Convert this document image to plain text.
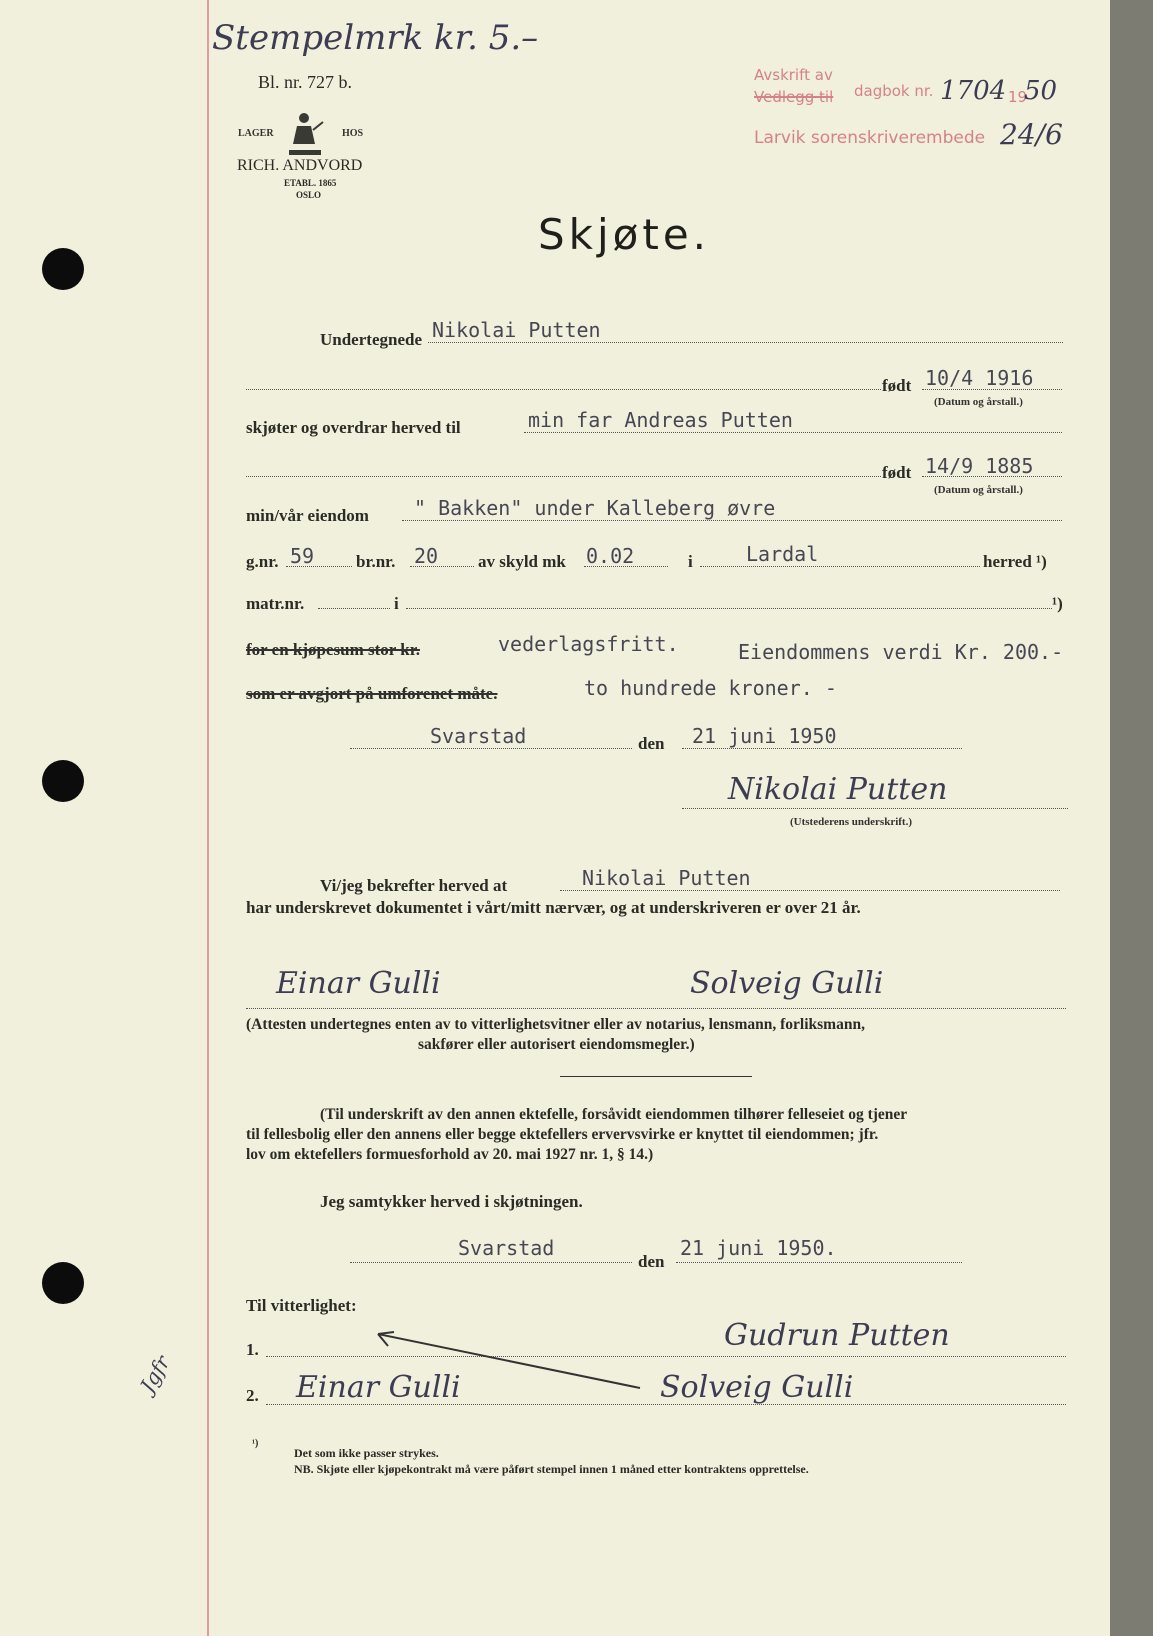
Stempelmrk kr. 5.–
Bl. nr. 727 b.
LAGER	HOS
RICH. ANDVORD
ETABL. 1865
OSLO
Avskrift av
Vedlegg til dagbok nr. 1704 19
50
Larvik sorenskriverembede 24/6
Skjøte.
Undertegnede Nikolai Putten
født 10/4 1916
(Datum og årstall.)
skjøter og overdrar herved til	min far Andreas Putten
født 14/9 1885
(Datum og årstall.)
min/vår eiendom " Bakken" under Kalleberg øvre
g.nr. 59 br.nr. 20 av skyld mk 0.02	i	Lardal	herred ¹)
matr.nr.	i	¹)
for en kjøpesum stor kr.	vederlagsfritt.	Eiendommens verdi Kr. 200.-
som er avgjort på umforenet måte.	to hundrede kroner. -
Svarstad	den 21 juni 1950
Nikolai Putten
(Utstederens underskrift.)
Vi/jeg bekrefter herved at	Nikolai Putten
har underskrevet dokumentet i vårt/mitt nærvær, og at underskriveren er over 21 år.
Einar Gulli	Solveig Gulli
(Attesten undertegnes enten av to vitterlighetsvitner eller av notarius, lensmann, forliksmann,
sakfører eller autorisert eiendomsmegler.)
(Til underskrift av den annen ektefelle, forsåvidt eiendommen tilhører felleseiet og tjener
til fellesbolig eller den annens eller begge ektefellers ervervsvirke er knyttet til eiendommen; jfr.
lov om ektefellers formuesforhold av 20. mai 1927 nr. 1, § 14.)
Jeg samtykker herved i skjøtningen.
Svarstad
den
21 juni 1950.
Til vitterlighet:
1.	Gudrun Putten
2. Einar Gulli	Solveig Gulli
Jgfr
¹)
Det som ikke passer strykes.
NB. Skjøte eller kjøpekontrakt må være påført stempel innen 1 måned etter kontraktens opprettelse.
